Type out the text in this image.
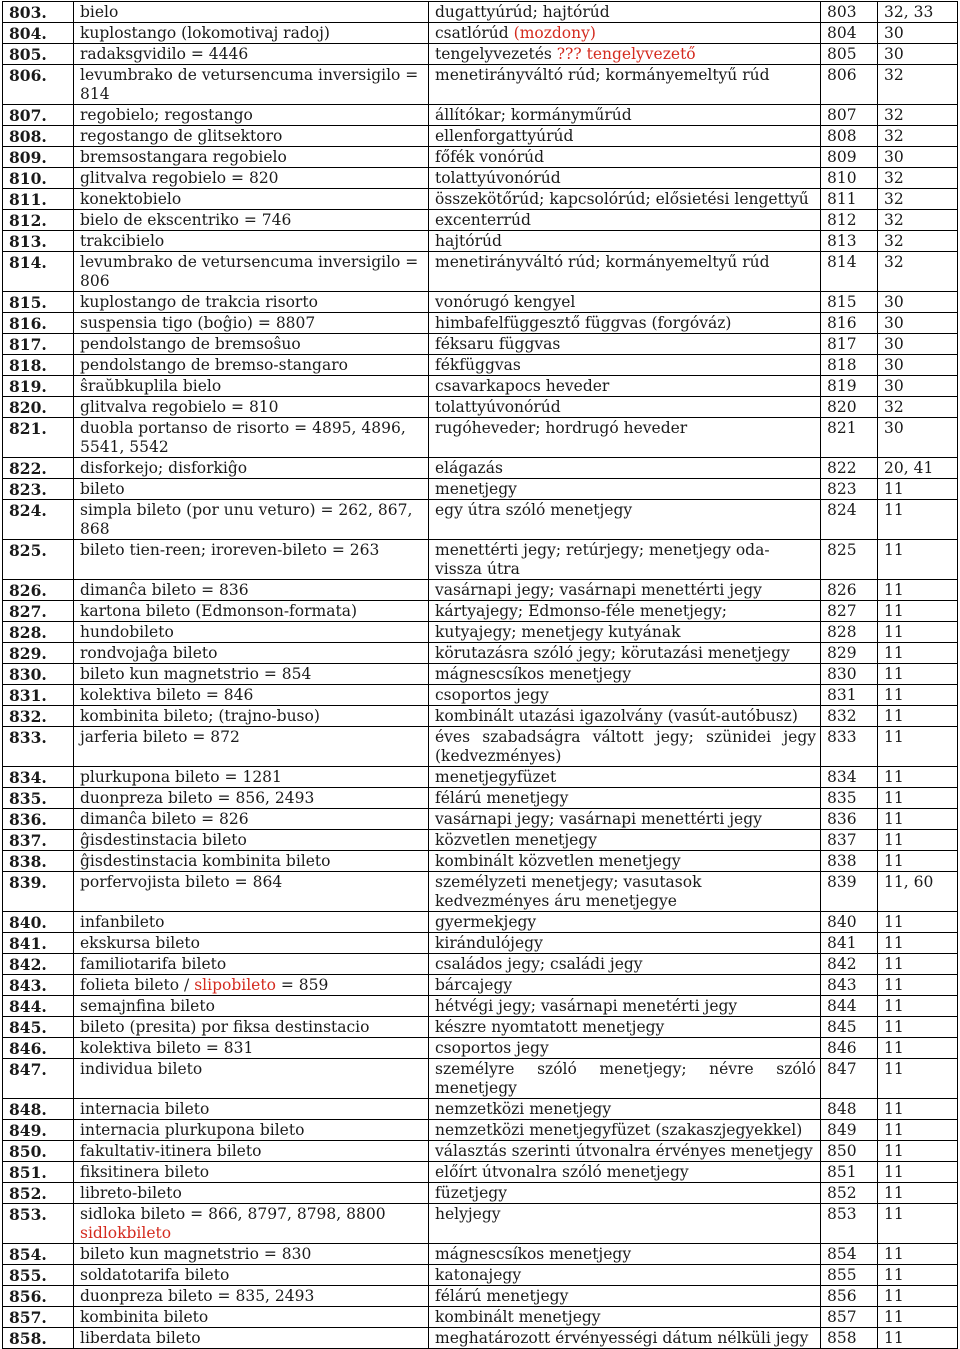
803.	bielo	dugattyúrúd; hajtórúd	803	32, 33
804.	kuplostango (lokomotivaj radoj)	csatlórúd (mozdony)	804	30
805.	radaksgvidilo = 4446	tengelyvezetés ??? tengelyvezető	805	30
806.	levumbrako de vetursencuma inversigilo = 814	menetirányváltó rúd; kormányemeltyű rúd	806	32
807.	regobielo; regostango	állítókar; kormányműrúd	807	32
808.	regostango de glitsektoro	ellenforgattyúrúd	808	32
809.	bremsostangara regobielo	főfék vonórúd	809	30
810.	glitvalva regobielo = 820	tolattyúvonórúd	810	32
811.	konektobielo	összekötőrúd; kapcsolórúd; elősietési lengettyű	811	32
812.	bielo de ekscentriko = 746	excenterrúd	812	32
813.	trakcibielo	hajtórúd	813	32
814.	levumbrako de vetursencuma inversigilo = 806	menetirányváltó rúd; kormányemeltyű rúd	814	32
815.	kuplostango de trakcia risorto	vonórugó kengyel	815	30
816.	suspensia tigo (boĝio) = 8807	himbafelfüggesztő függvas (forgóváz)	816	30
817.	pendolstango de bremsoŝuo	féksaru függvas	817	30
818.	pendolstango de bremso-stangaro	fékfüggvas	818	30
819.	ŝraŭbkuplila bielo	csavarkapocs heveder	819	30
820.	glitvalva regobielo = 810	tolattyúvonórúd	820	32
821.	duobla portanso de risorto = 4895, 4896, 5541, 5542	rugóheveder; hordrugó heveder	821	30
822.	disforkejo; disforkiĝo	elágazás	822	20, 41
823.	bileto	menetjegy	823	11
824.	simpla bileto (por unu veturo) = 262, 867, 868	egy útra szóló menetjegy	824	11
825.	bileto tien-reen; iroreven-bileto = 263	menettérti jegy; retúrjegy; menetjegy oda-vissza útra	825	11
826.	dimanĉa bileto = 836	vasárnapi jegy; vasárnapi menettérti jegy	826	11
827.	kartona bileto (Edmonson-formata)	kártyajegy; Edmonso-féle menetjegy;	827	11
828.	hundobileto	kutyajegy; menetjegy kutyának	828	11
829.	rondvojaĝa bileto	körutazásra szóló jegy; körutazási menetjegy	829	11
830.	bileto kun magnetstrio = 854	mágnescsíkos menetjegy	830	11
831.	kolektiva bileto = 846	csoportos jegy	831	11
832.	kombinita bileto; (trajno-buso)	kombinált utazási igazolvány (vasút-autóbusz)	832	11
833.	jarferia bileto = 872	éves szabadságra váltott jegy; szünidei jegy (kedvezményes)	833	11
834.	plurkupona bileto = 1281	menetjegyfüzet	834	11
835.	duonpreza bileto = 856, 2493	félárú menetjegy	835	11
836.	dimanĉa bileto = 826	vasárnapi jegy; vasárnapi menettérti jegy	836	11
837.	ĝisdestinstacia bileto	közvetlen menetjegy	837	11
838.	ĝisdestinstacia kombinita bileto	kombinált közvetlen menetjegy	838	11
839.	porfervojista bileto = 864	személyzeti menetjegy; vasutasok kedvezményes áru menetjegye	839	11, 60
840.	infanbileto	gyermekjegy	840	11
841.	ekskursa bileto	kirándulójegy	841	11
842.	familiotarifa bileto	családos jegy; családi jegy	842	11
843.	folieta bileto / slipobileto = 859	bárcajegy	843	11
844.	semajnfina bileto	hétvégi jegy; vasárnapi menetérti jegy	844	11
845.	bileto (presita) por fiksa destinstacio	készre nyomtatott menetjegy	845	11
846.	kolektiva bileto = 831	csoportos jegy	846	11
847.	individua bileto	személyre szóló menetjegy; névre szóló menetjegy	847	11
848.	internacia bileto	nemzetközi menetjegy	848	11
849.	internacia plurkupona bileto	nemzetközi menetjegyfüzet (szakaszjegyekkel)	849	11
850.	fakultativ-itinera bileto	választás szerinti útvonalra érvényes menetjegy	850	11
851.	fiksitinera bileto	előírt útvonalra szóló menetjegy	851	11
852.	libreto-bileto	füzetjegy	852	11
853.	sidloka bileto = 866, 8797, 8798, 8800 sidlokbileto	helyjegy	853	11
854.	bileto kun magnetstrio = 830	mágnescsíkos menetjegy	854	11
855.	soldatotarifa bileto	katonajegy	855	11
856.	duonpreza bileto = 835, 2493	félárú menetjegy	856	11
857.	kombinita bileto	kombinált menetjegy	857	11
858.	liberdata bileto	meghatározott érvényességi dátum nélküli jegy	858	11
